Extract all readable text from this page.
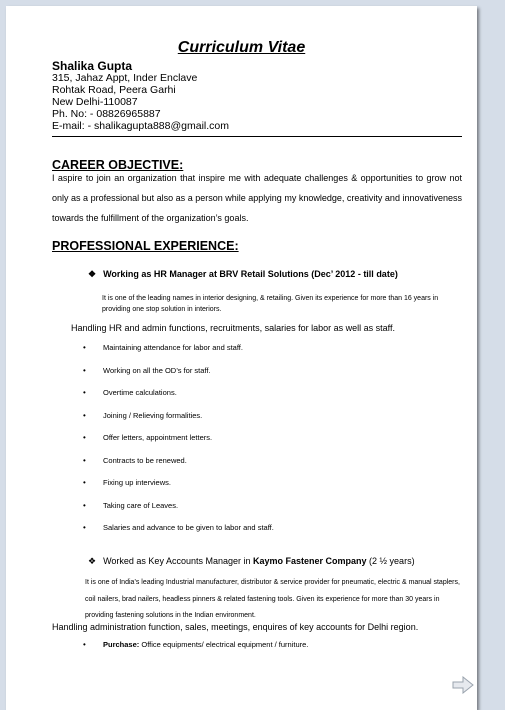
Curriculum Vitae

Shalika Gupta

315, Jahaz Appt, Inder Enclave
Rohtak Road, Peera Garhi
New Delhi-110087
Ph. No: - 08826965887
E-mail: - shalikagupta888@gmail.com
CAREER OBJECTIVE:

I aspire to join an organization that inspire me with adequate challenges & opportunities to grow not only as a professional but also as a person while applying my knowledge, creativity and innovativeness towards the fulfillment of the organization’s goals.

PROFESSIONAL EXPERIENCE:

❖ Working as HR Manager at BRV Retail Solutions (Dec’ 2012 - till date)

It is one of the leading names in interior designing, & retailing. Given its experience for more than 16 years in providing one stop solution in interiors.

Handling HR and admin functions, recruitments, salaries for labor as well as staff.

• Maintaining attendance for labor and staff.
• Working on all the OD’s for staff.
• Overtime calculations.
• Joining / Relieving formalities.
• Offer letters, appointment letters.
• Contracts to be renewed.
• Fixing up interviews.
• Taking care of Leaves.
• Salaries and advance to be given to labor and staff.

❖ Worked as Key Accounts Manager in Kaymo Fastener Company (2 ½ years)

It is one of India’s leading Industrial manufacturer, distributor & service provider for pneumatic, electric & manual staplers, coil nailers, brad nailers, headless pinners & related fastening tools. Given its experience for more than 30 years in providing fastening solutions in the Indian environment.

Handling administration function, sales, meetings, enquires of key accounts for Delhi region.

• Purchase: Office equipments/ electrical equipment / furniture.
